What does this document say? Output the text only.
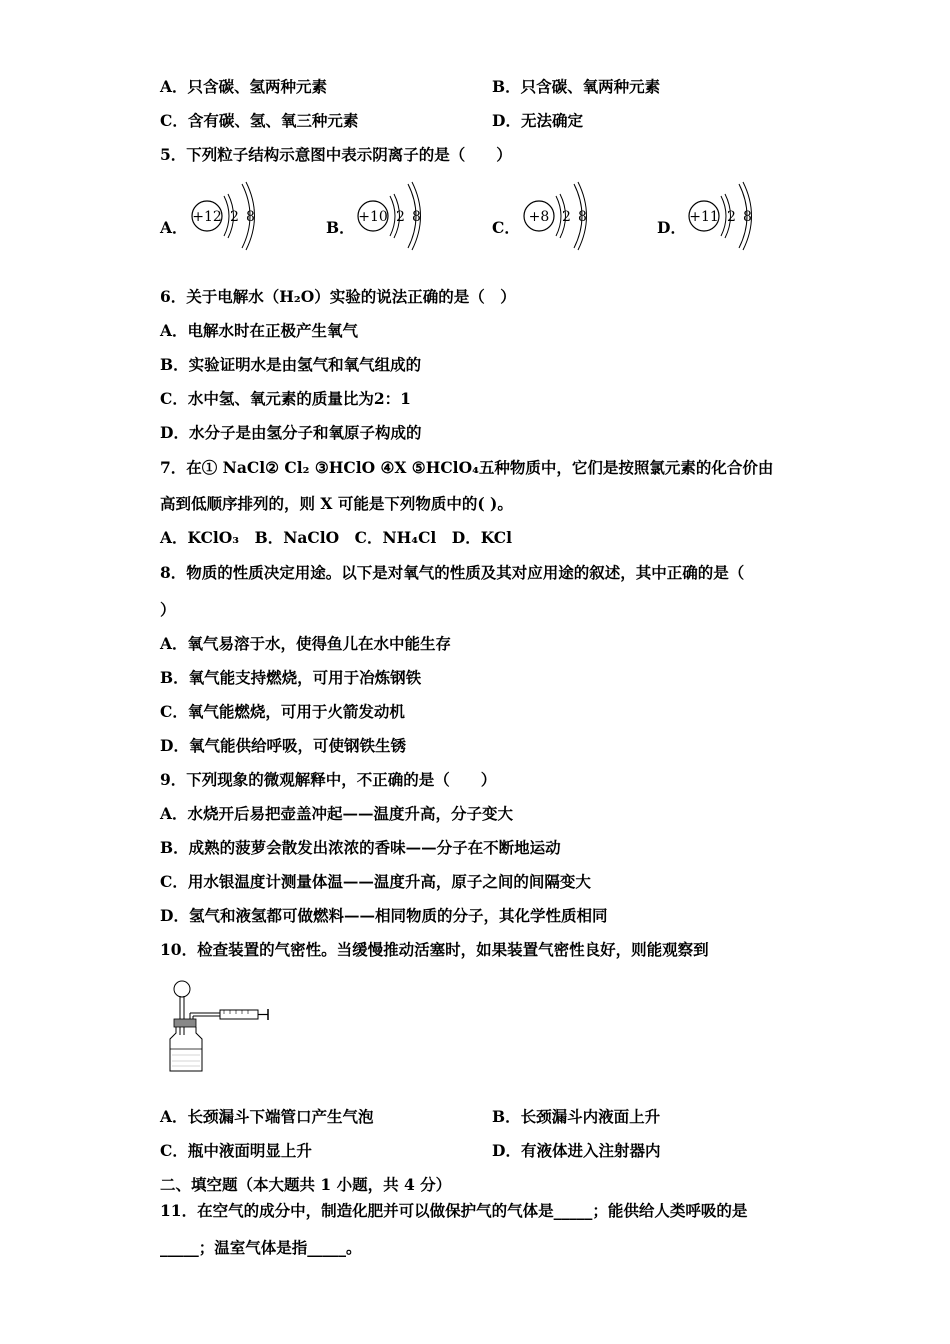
A．只含碳、氢两种元素	B．只含碳、氧两种元素
C．含有碳、氢、氧三种元素	D．无法确定
5．下列粒子结构示意图中表示阴离子的是（　　）
A．
+12 2 8
B．
+10 2 8
C．
+8 2 8
D．
+11 2 8
6．关于电解水（H₂O）实验的说法正确的是（　）
A．电解水时在正极产生氧气
B．实验证明水是由氢气和氧气组成的
C．水中氢、氧元素的质量比为2：1
D．水分子是由氢分子和氧原子构成的
7．在① NaCl② Cl₂ ③HClO ④X ⑤HClO₄五种物质中，它们是按照氯元素的化合价由
高到低顺序排列的，则 X 可能是下列物质中的( )。
A．KClO₃　B．NaClO　C．NH₄Cl　D．KCl
8．物质的性质决定用途。以下是对氧气的性质及其对应用途的叙述，其中正确的是（
）
A．氧气易溶于水，使得鱼儿在水中能生存
B．氧气能支持燃烧，可用于冶炼钢铁
C．氧气能燃烧，可用于火箭发动机
D．氧气能供给呼吸，可使钢铁生锈
9．下列现象的微观解释中，不正确的是（　　）
A．水烧开后易把壶盖冲起——温度升高，分子变大
B．成熟的菠萝会散发出浓浓的香味——分子在不断地运动
C．用水银温度计测量体温——温度升高，原子之间的间隔变大
D．氢气和液氢都可做燃料——相同物质的分子，其化学性质相同
10．检查装置的气密性。当缓慢推动活塞时，如果装置气密性良好，则能观察到
A．长颈漏斗下端管口产生气泡	B．长颈漏斗内液面上升
C．瓶中液面明显上升	D．有液体进入注射器内
二、填空题（本大题共 1 小题，共 4 分）
11．在空气的成分中，制造化肥并可以做保护气的气体是_____；能供给人类呼吸的是
_____；温室气体是指_____。
